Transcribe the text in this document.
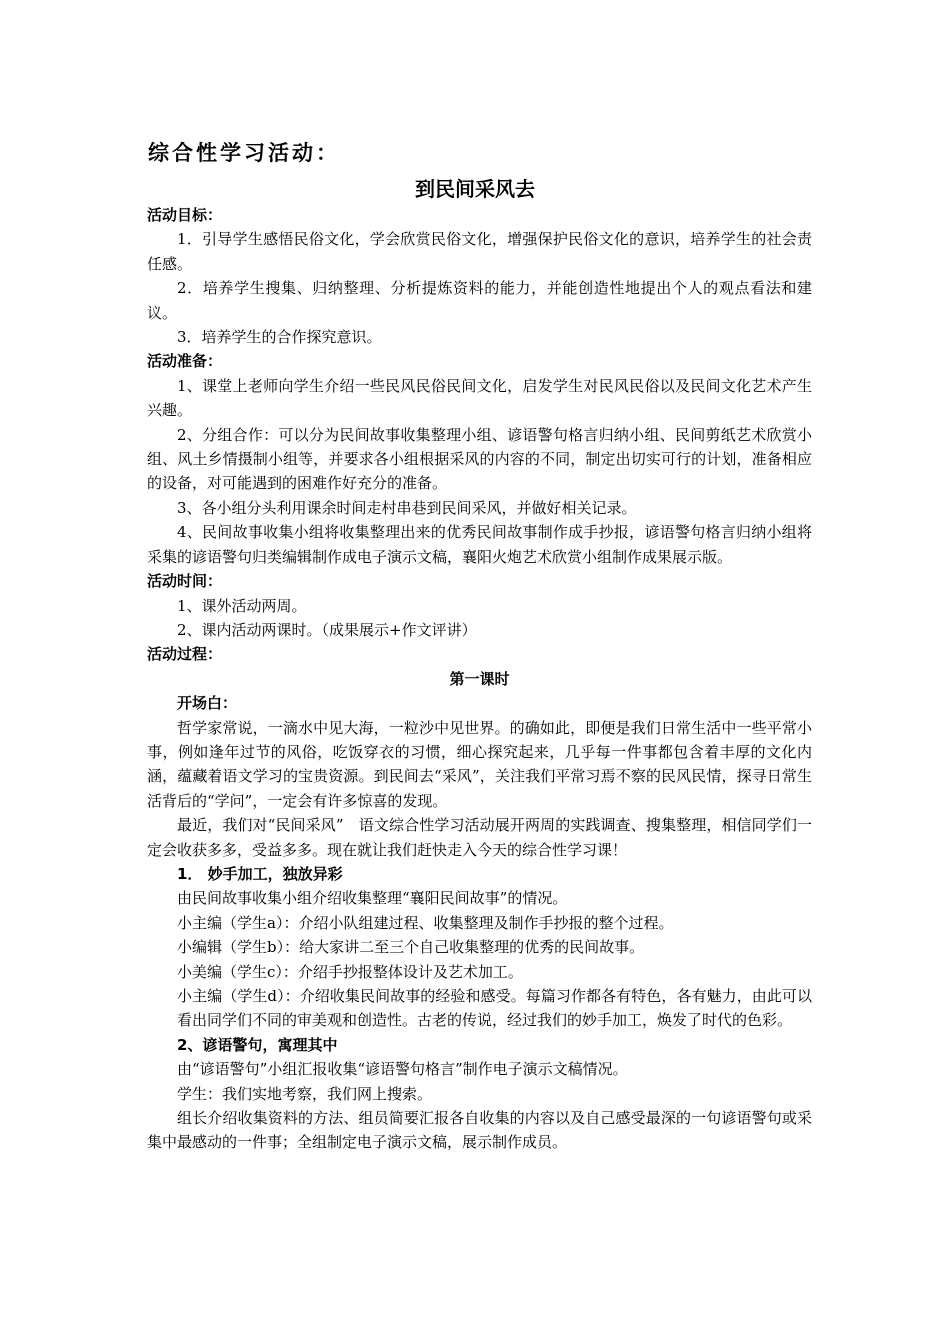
综合性学习活动：
到民间采风去
活动目标：

1．引导学生感悟民俗文化，学会欣赏民俗文化，增强保护民俗文化的意识，培养学生的社会责任感。

2．培养学生搜集、归纳整理、分析提炼资料的能力，并能创造性地提出个人的观点看法和建议。

3．培养学生的合作探究意识。

活动准备：

1、课堂上老师向学生介绍一些民风民俗民间文化，启发学生对民风民俗以及民间文化艺术产生兴趣。

2、分组合作：可以分为民间故事收集整理小组、谚语警句格言归纳小组、民间剪纸艺术欣赏小组、风土乡情摄制小组等，并要求各小组根据采风的内容的不同，制定出切实可行的计划，准备相应的设备，对可能遇到的困难作好充分的准备。

3、各小组分头利用课余时间走村串巷到民间采风，并做好相关记录。

4、民间故事收集小组将收集整理出来的优秀民间故事制作成手抄报，谚语警句格言归纳小组将采集的谚语警句归类编辑制作成电子演示文稿，襄阳火炮艺术欣赏小组制作成果展示版。

活动时间：

1、课外活动两周。

2、课内活动两课时。（成果展示+作文评讲）

活动过程：
第一课时
开场白：

哲学家常说，一滴水中见大海，一粒沙中见世界。的确如此，即便是我们日常生活中一些平常小事，例如逢年过节的风俗，吃饭穿衣的习惯，细心探究起来，几乎每一件事都包含着丰厚的文化内涵，蕴藏着语文学习的宝贵资源。到民间去“采风”，关注我们平常习焉不察的民风民情，探寻日常生活背后的“学问”，一定会有许多惊喜的发现。

最近，我们对“民间采风”　语文综合性学习活动展开两周的实践调查、搜集整理，相信同学们一定会收获多多，受益多多。现在就让我们赶快走入今天的综合性学习课！

1． 妙手加工，独放异彩

由民间故事收集小组介绍收集整理“襄阳民间故事”的情况。

小主编（学生a）：介绍小队组建过程、收集整理及制作手抄报的整个过程。

小编辑（学生b）：给大家讲二至三个自己收集整理的优秀的民间故事。

小美编（学生c）：介绍手抄报整体设计及艺术加工。

小主编（学生d）：介绍收集民间故事的经验和感受。每篇习作都各有特色，各有魅力，由此可以看出同学们不同的审美观和创造性。古老的传说，经过我们的妙手加工，焕发了时代的色彩。

2、谚语警句，寓理其中

由“谚语警句”小组汇报收集“谚语警句格言”制作电子演示文稿情况。

学生：我们实地考察，我们网上搜索。

组长介绍收集资料的方法、组员简要汇报各自收集的内容以及自己感受最深的一句谚语警句或采集中最感动的一件事；全组制定电子演示文稿，展示制作成员。
